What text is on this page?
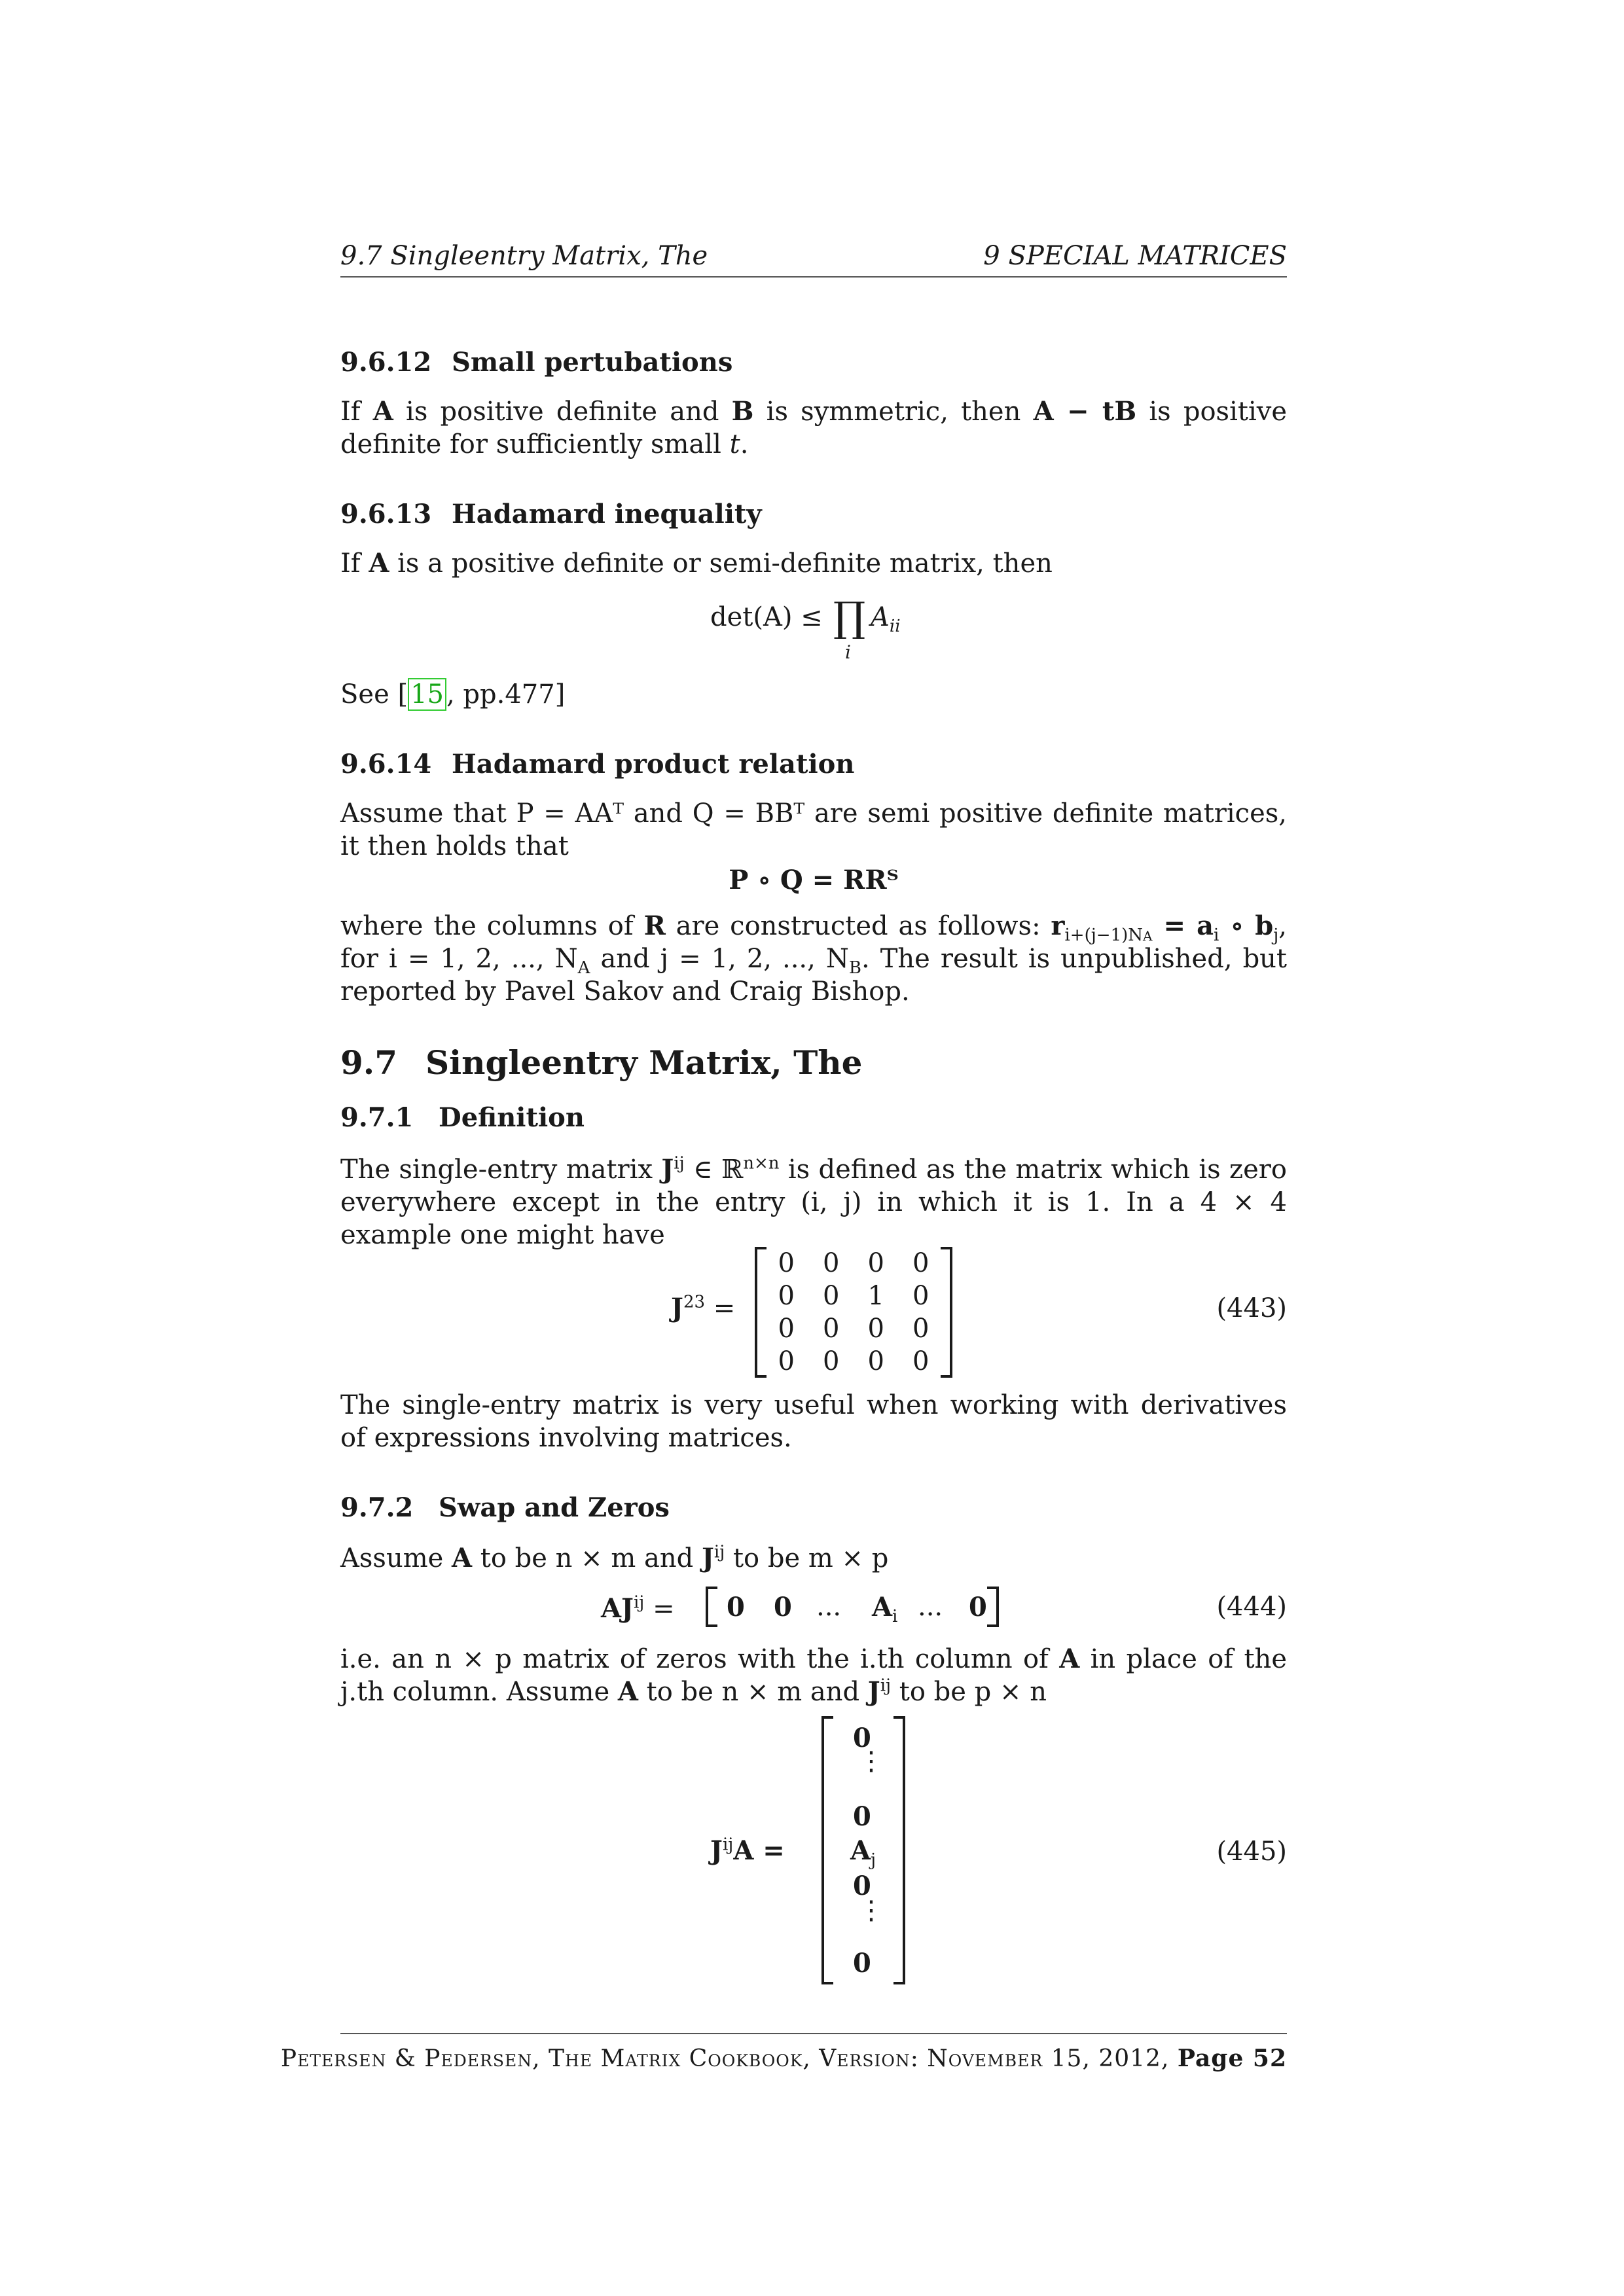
9.7 Singleentry Matrix, The	9 SPECIAL MATRICES
9.6.12 Small pertubations
If A is positive definite and B is symmetric, then A − tB is positive definite for sufficiently small t.
9.6.13 Hadamard inequality
If A is a positive definite or semi-definite matrix, then
det(A) ≤ ∏
i
$A_{ii}$
See [ 15 , pp.477]
9.6.14 Hadamard product relation
Assume that P = AAᵀ and Q = BBᵀ are semi positive definite matrices, it then holds that
P ∘ Q = RRᵀ
where the columns of R are constructed as follows: $r_{i+(j-1)NA} = a_i$ ∘ $b_j$, for i = 1, 2, ..., $N_A$ and j = 1, 2, ..., $N_B$. The result is unpublished, but reported by Pavel Sakov and Craig Bishop.
9.7 Singleentry Matrix, The
9.7.1 Definition
The single-entry matrix $J^{ij}$ ∈ ℝ$^{n\times n}$ is defined as the matrix which is zero everywhere except in the entry (i, j) in which it is 1. In a 4 × 4 example one might have
$J^{23}$ =
0	0	0	0
0	0	1	0
0	0	0	0
0	0	0	0
(443)
The single-entry matrix is very useful when working with derivatives of expressions involving matrices.
9.7.2 Swap and Zeros
Assume A to be n × m and $J^{ij}$ to be m × p
$AJ^{ij} = 0$ 0 ... $A_i$ ... 0	(444)
i.e. an n × p matrix of zeros with the i.th column of A in place of the j.th column. Assume A to be n × m and $J^{ij}$ to be p × n
$J^{ij}A$ =
0
⋮
0
$A_j$
0
⋮
0
(445)
Petersen & Pedersen, The Matrix Cookbook, Version: November 15, 2012, Page 52
